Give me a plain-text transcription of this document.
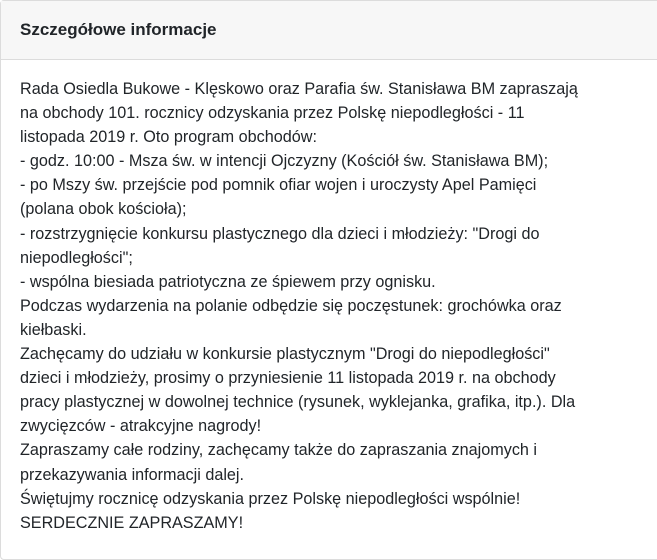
Szczegółowe informacje
Rada Osiedla Bukowe - Klęskowo oraz Parafia św. Stanisława BM zapraszają
na obchody 101. rocznicy odzyskania przez Polskę niepodległości - 11
listopada 2019 r. Oto program obchodów:
- godz. 10:00 - Msza św. w intencji Ojczyzny (Kościół św. Stanisława BM);
- po Mszy św. przejście pod pomnik ofiar wojen i uroczysty Apel Pamięci
(polana obok kościoła);
- rozstrzygnięcie konkursu plastycznego dla dzieci i młodzieży: "Drogi do
niepodległości";
- wspólna biesiada patriotyczna ze śpiewem przy ognisku.
Podczas wydarzenia na polanie odbędzie się poczęstunek: grochówka oraz
kiełbaski.
Zachęcamy do udziału w konkursie plastycznym "Drogi do niepodległości"
dzieci i młodzieży, prosimy o przyniesienie 11 listopada 2019 r. na obchody
pracy plastycznej w dowolnej technice (rysunek, wyklejanka, grafika, itp.). Dla
zwycięzców - atrakcyjne nagrody!
Zapraszamy całe rodziny, zachęcamy także do zapraszania znajomych i
przekazywania informacji dalej.
Świętujmy rocznicę odzyskania przez Polskę niepodległości wspólnie!
SERDECZNIE ZAPRASZAMY!
